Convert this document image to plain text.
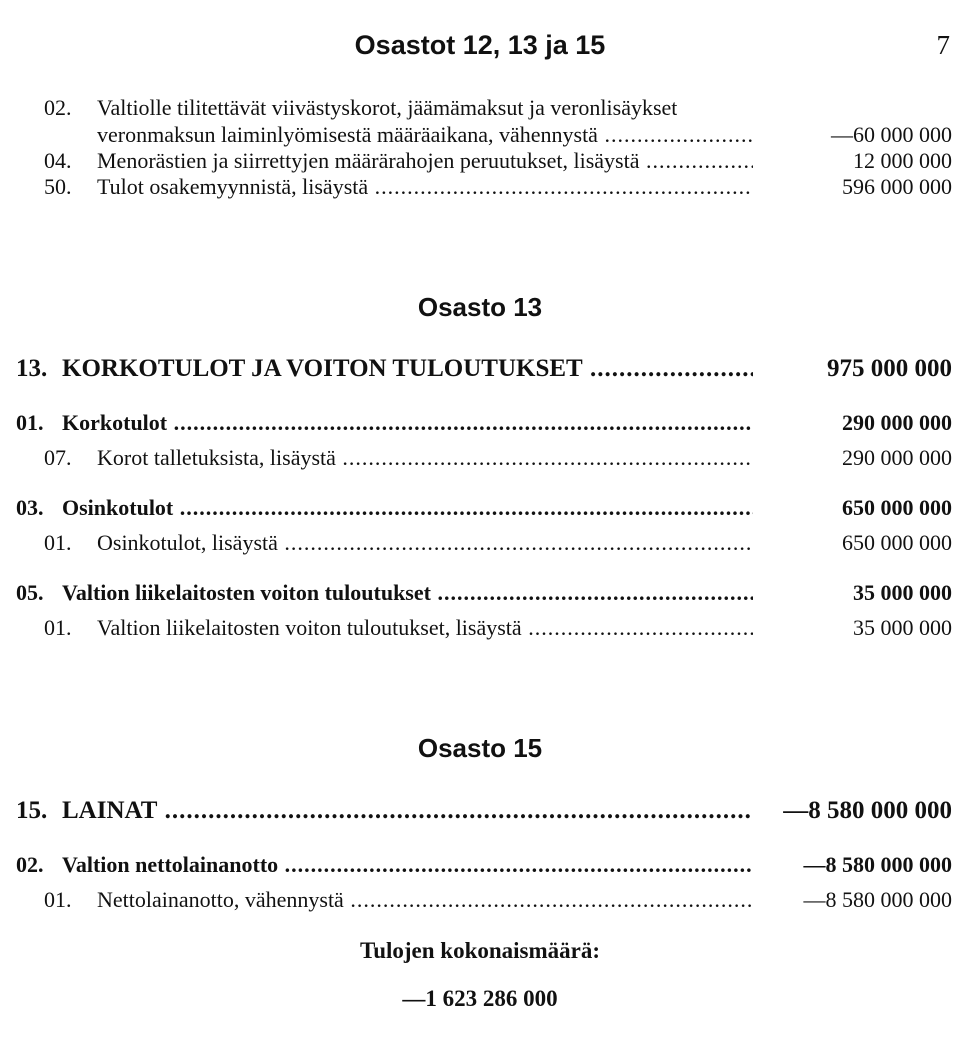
Osastot 12, 13 ja 15	7
02. Valtiolle tilitettävät viivästyskorot, jäämämaksut ja veronlisäykset
veronmaksun laiminlyömisestä määräaikana, vähennystä .....	—60 000 000
04. Menorästien ja siirrettyjen määrärahojen peruutukset, lisäystä .....	12 000 000
50. Tulot osakemyynnistä, lisäystä .....	596 000 000
Osasto 13
13. KORKOTULOT JA VOITON TULOUTUKSET .....	975 000 000
01. Korkotulot .....	290 000 000
07. Korot talletuksista, lisäystä .....	290 000 000
03. Osinkotulot .....	650 000 000
01. Osinkotulot, lisäystä .....	650 000 000
05. Valtion liikelaitosten voiton tuloutukset .....	35 000 000
01. Valtion liikelaitosten voiton tuloutukset, lisäystä .....	35 000 000
Osasto 15
15. LAINAT .....	—8 580 000 000
02. Valtion nettolainanotto .....	—8 580 000 000
01. Nettolainanotto, vähennystä .....	—8 580 000 000
Tulojen kokonaismäärä:
—1 623 286 000
